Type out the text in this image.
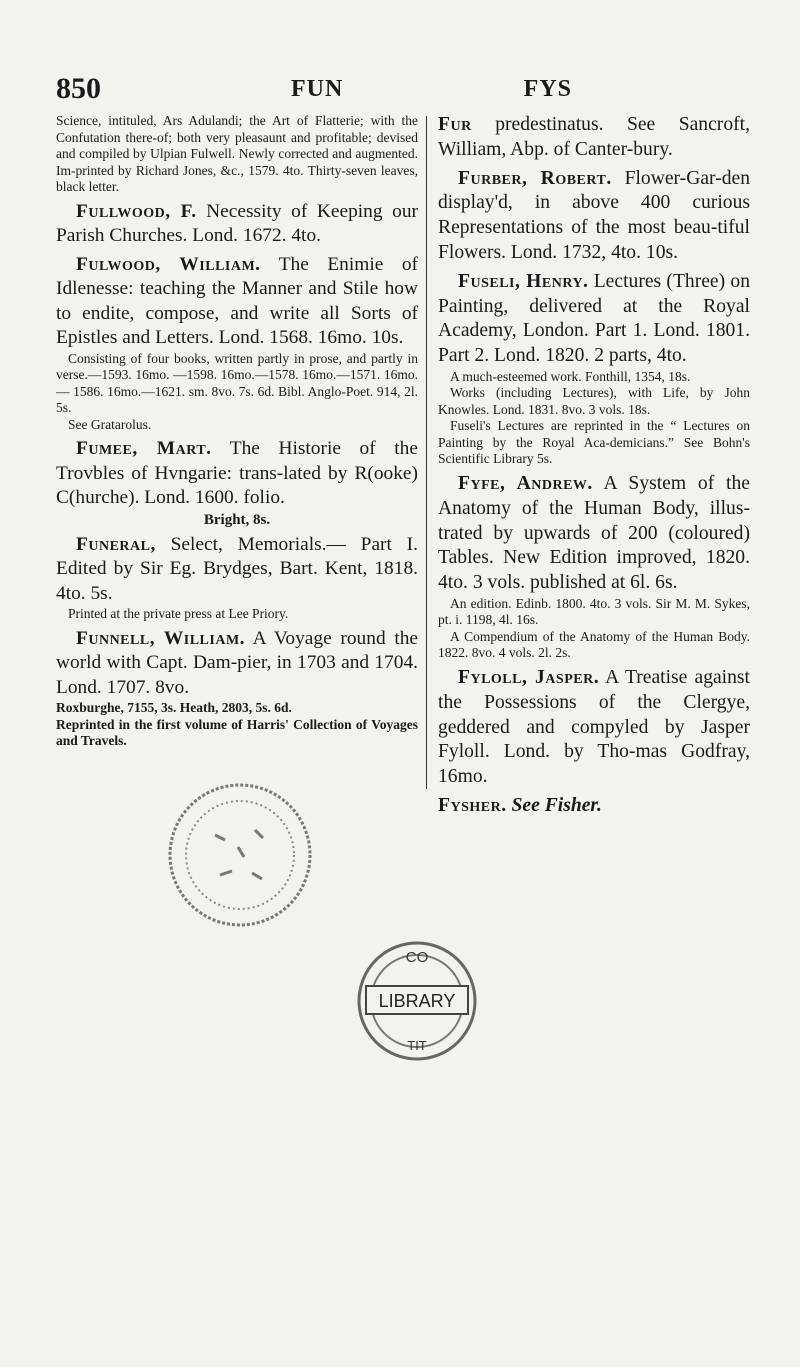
850	FUN	FYS

Science, intituled, Ars Adulandi; the Art of Flatterie; with the Confutation there-of; both very pleasaunt and profitable; devised and compiled by Ulpian Fulwell. Newly corrected and augmented. Im-printed by Richard Jones, &c., 1579. 4to. Thirty-seven leaves, black letter.

Fullwood, F. Necessity of Keeping our Parish Churches. Lond. 1672. 4to.

Fulwood, William. The Enimie of Idlenesse: teaching the Manner and Stile how to endite, compose, and write all Sorts of Epistles and Letters. Lond. 1568. 16mo. 10s.

Consisting of four books, written partly in prose, and partly in verse.—1593. 16mo. —1598. 16mo.—1578. 16mo.—1571. 16mo.— 1586. 16mo.—1621. sm. 8vo. 7s. 6d. Bibl. Anglo-Poet. 914, 2l. 5s.

See Gratarolus.

Fumee, Mart. The Historie of the Trovbles of Hvngarie: trans-lated by R(ooke) C(hurche). Lond. 1600. folio.

Bright, 8s.

Funeral, Select, Memorials.— Part I. Edited by Sir Eg. Brydges, Bart. Kent, 1818. 4to. 5s.

Printed at the private press at Lee Priory.

Funnell, William. A Voyage round the world with Capt. Dam-pier, in 1703 and 1704. Lond. 1707. 8vo.

Roxburghe, 7155, 3s. Heath, 2803, 5s. 6d.

Reprinted in the first volume of Harris' Collection of Voyages and Travels.

Fur predestinatus. See Sancroft, William, Abp. of Canter-bury.

Furber, Robert. Flower-Gar-den display'd, in above 400 curious Representations of the most beau-tiful Flowers. Lond. 1732, 4to. 10s.

Fuseli, Henry. Lectures (Three) on Painting, delivered at the Royal Academy, London. Part 1. Lond. 1801. Part 2. Lond. 1820. 2 parts, 4to.

A much-esteemed work. Fonthill, 1354, 18s.

Works (including Lectures), with Life, by John Knowles. Lond. 1831. 8vo. 3 vols. 18s.

Fuseli's Lectures are reprinted in the “ Lectures on Painting by the Royal Aca-demicians.” See Bohn's Scientific Library 5s.

Fyfe, Andrew. A System of the Anatomy of the Human Body, illus-trated by upwards of 200 (coloured) Tables. New Edition improved, 1820. 4to. 3 vols. published at 6l. 6s.

An edition. Edinb. 1800. 4to. 3 vols. Sir M. M. Sykes, pt. i. 1198, 4l. 16s.

A Compendium of the Anatomy of the Human Body. 1822. 8vo. 4 vols. 2l. 2s.

Fyloll, Jasper. A Treatise against the Possessions of the Clergye, geddered and compyled by Jasper Fyloll. Lond. by Tho-mas Godfray, 16mo.

Fysher. See Fisher.

LIBRARY
CO
TIT
